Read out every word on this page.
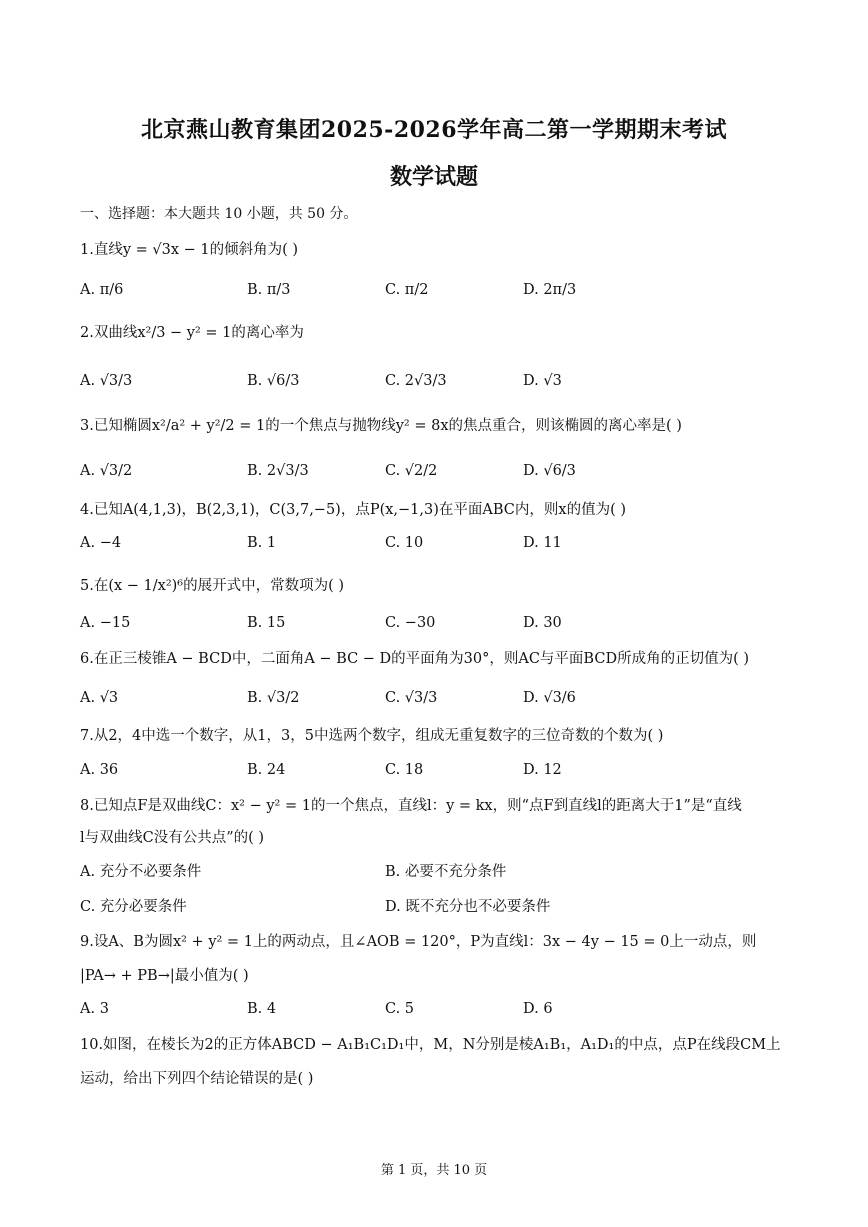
北京燕山教育集团2025-2026学年高二第一学期期末考试
数学试题
一、选择题：本大题共 10 小题，共 50 分。
1.直线y = √3x − 1的倾斜角为( )
A. π/6	B. π/3	C. π/2	D. 2π/3
2.双曲线x²/3 − y² = 1的离心率为
A. √3/3	B. √6/3	C. 2√3/3	D. √3
3.已知椭圆x²/a² + y²/2 = 1的一个焦点与抛物线y² = 8x的焦点重合，则该椭圆的离心率是( )
A. √3/2	B. 2√3/3	C. √2/2	D. √6/3
4.已知A(4,1,3)，B(2,3,1)，C(3,7,−5)，点P(x,−1,3)在平面ABC内，则x的值为( )
A. −4	B. 1	C. 10	D. 11
5.在(x − 1/x²)⁶的展开式中，常数项为( )
A. −15	B. 15	C. −30	D. 30
6.在正三棱锥A − BCD中，二面角A − BC − D的平面角为30°，则AC与平面BCD所成角的正切值为( )
A. √3	B. √3/2	C. √3/3	D. √3/6
7.从2，4中选一个数字，从1，3，5中选两个数字，组成无重复数字的三位奇数的个数为( )
A. 36	B. 24	C. 18	D. 12
8.已知点F是双曲线C：x² − y² = 1的一个焦点，直线l：y = kx，则“点F到直线l的距离大于1”是“直线
l与双曲线C没有公共点”的( )
A. 充分不必要条件	B. 必要不充分条件
C. 充分必要条件	D. 既不充分也不必要条件
9.设A、B为圆x² + y² = 1上的两动点，且∠AOB = 120°，P为直线l：3x − 4y − 15 = 0上一动点，则
|PA→ + PB→|最小值为( )
A. 3	B. 4	C. 5	D. 6
10.如图，在棱长为2的正方体ABCD − A₁B₁C₁D₁中，M，N分别是棱A₁B₁，A₁D₁的中点，点P在线段CM上
运动，给出下列四个结论错误的是( )
第 1 页，共 10 页
